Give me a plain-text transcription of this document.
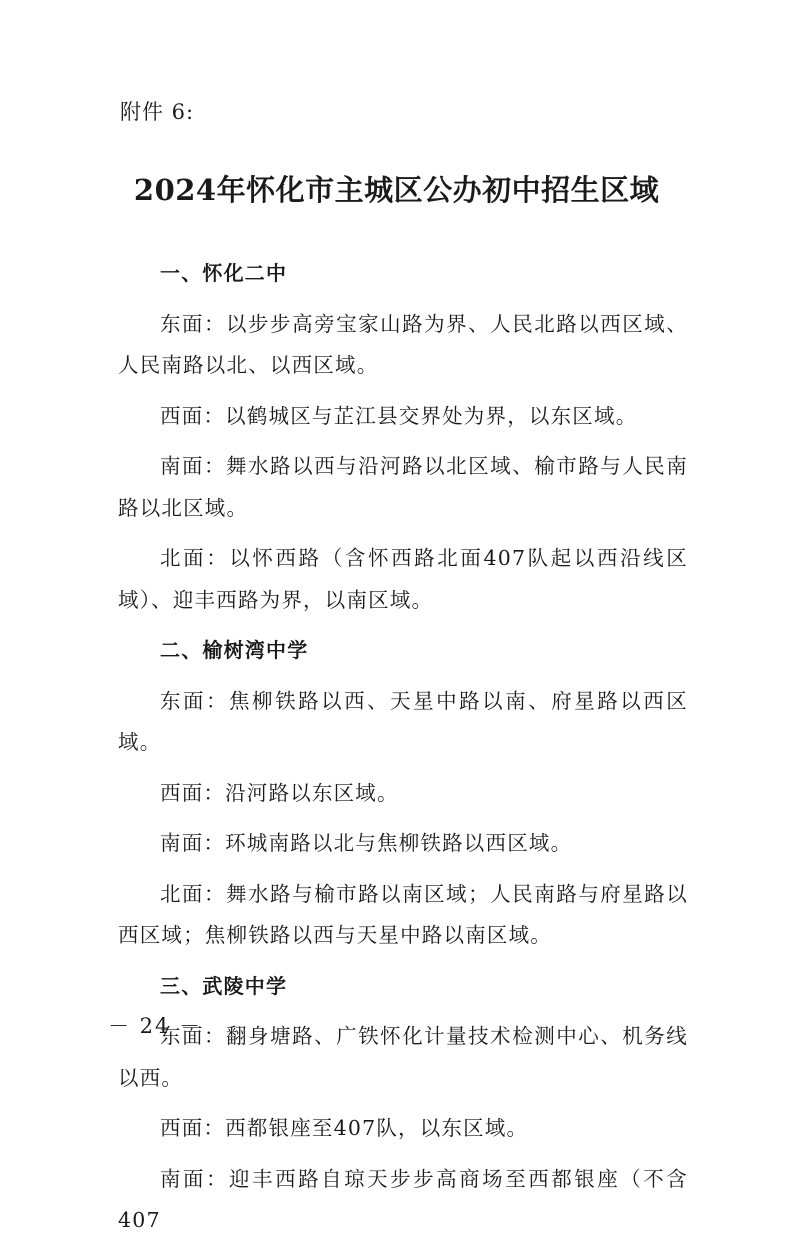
附件 6:
2024年怀化市主城区公办初中招生区域

一、怀化二中

东面：以步步高旁宝家山路为界、人民北路以西区域、人民南路以北、以西区域。

西面：以鹤城区与芷江县交界处为界，以东区域。

南面：舞水路以西与沿河路以北区域、榆市路与人民南路以北区域。

北面：以怀西路（含怀西路北面407队起以西沿线区域）、迎丰西路为界，以南区域。

二、榆树湾中学

东面：焦柳铁路以西、天星中路以南、府星路以西区域。

西面：沿河路以东区域。

南面：环城南路以北与焦柳铁路以西区域。

北面：舞水路与榆市路以南区域；人民南路与府星路以西区域；焦柳铁路以西与天星中路以南区域。

三、武陵中学

东面：翻身塘路、广铁怀化计量技术检测中心、机务线以西。

西面：西都银座至407队，以东区域。

南面：迎丰西路自琼天步步高商场至西都银座（不含407

－ 24 －
